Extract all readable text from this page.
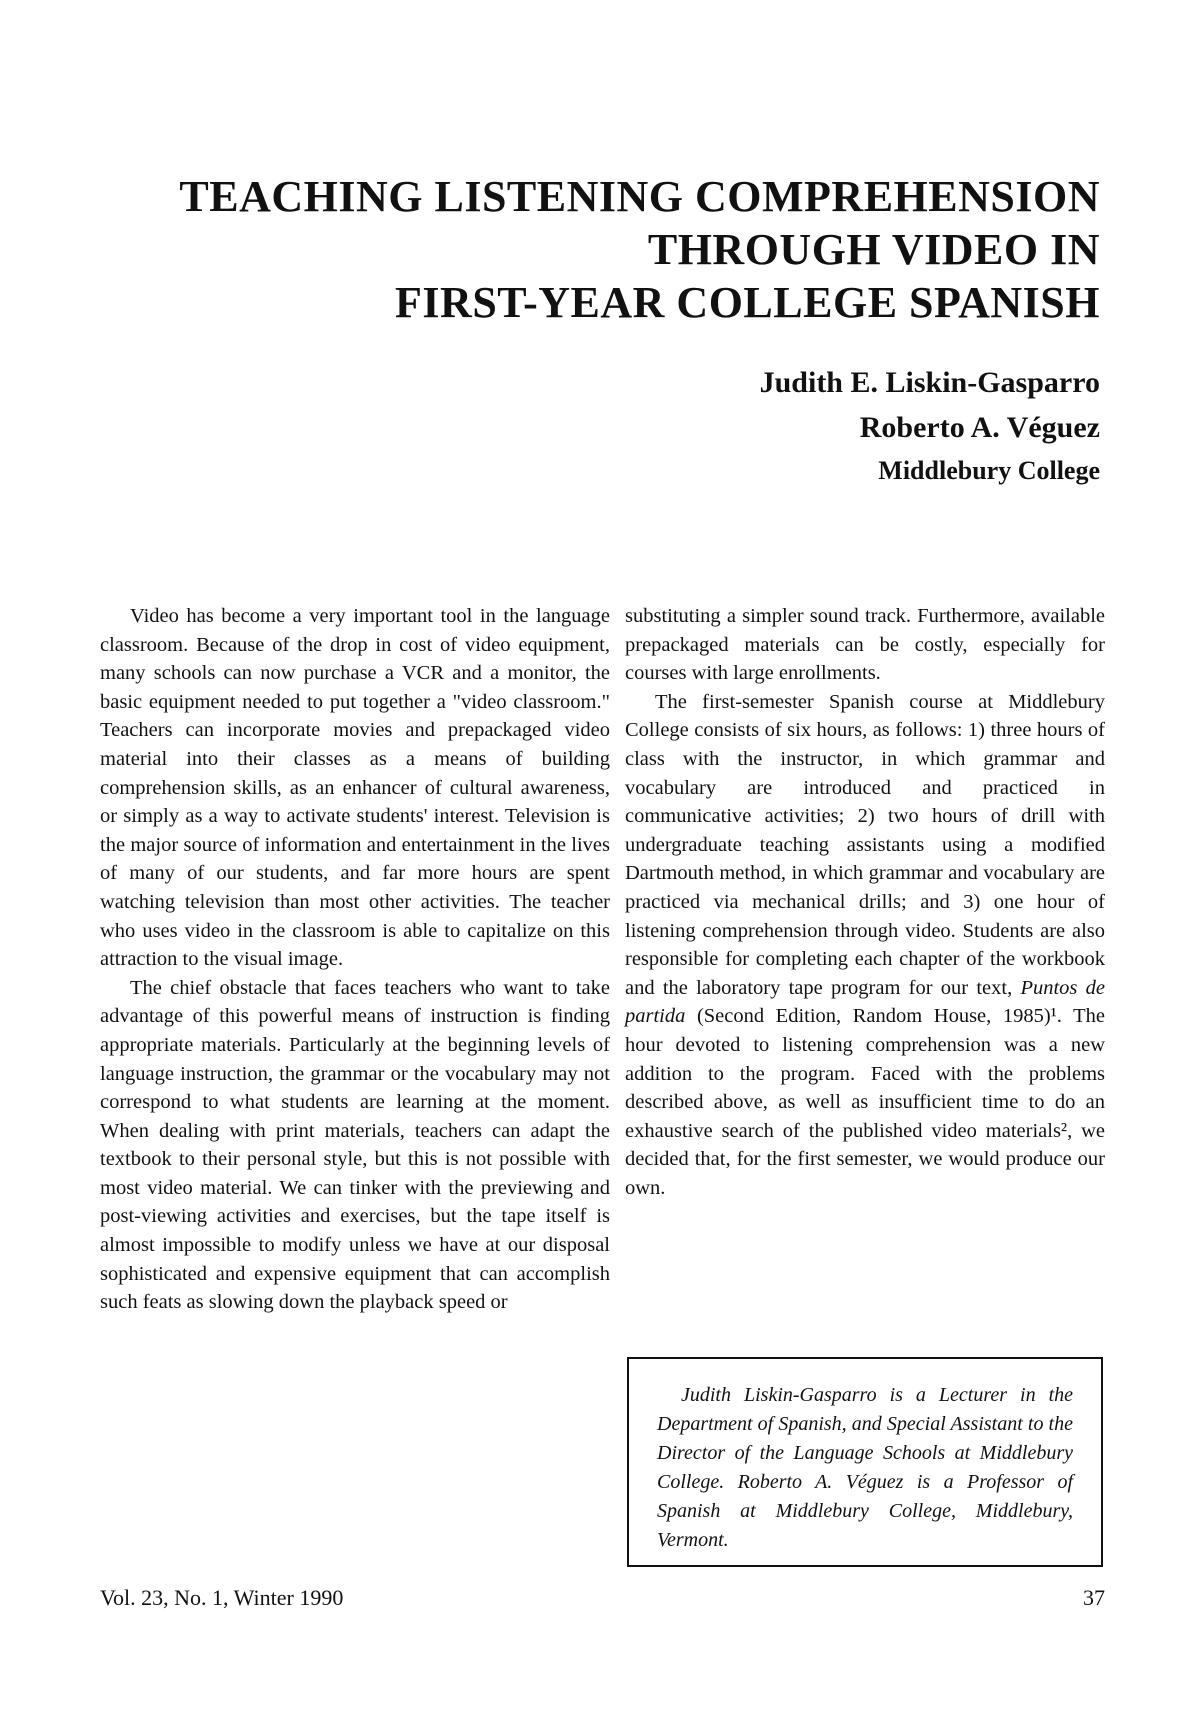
TEACHING LISTENING COMPREHENSION
THROUGH VIDEO IN
FIRST-YEAR COLLEGE SPANISH
Judith E. Liskin-Gasparro
Roberto A. Véguez
Middlebury College

Video has become a very important tool in the language classroom. Because of the drop in cost of video equipment, many schools can now purchase a VCR and a monitor, the basic equipment needed to put together a "video classroom." Teachers can incorporate movies and prepackaged video material into their classes as a means of building comprehension skills, as an enhancer of cultural awareness, or simply as a way to activate students' interest. Television is the major source of information and entertainment in the lives of many of our students, and far more hours are spent watching television than most other activities. The teacher who uses video in the classroom is able to capitalize on this attraction to the visual image.

The chief obstacle that faces teachers who want to take advantage of this powerful means of instruction is finding appropriate materials. Particularly at the beginning levels of language instruction, the grammar or the vocabulary may not correspond to what students are learning at the moment. When dealing with print materials, teachers can adapt the textbook to their personal style, but this is not possible with most video material. We can tinker with the previewing and post-viewing activities and exercises, but the tape itself is almost impossible to modify unless we have at our disposal sophisticated and expensive equipment that can accomplish such feats as slowing down the playback speed or

substituting a simpler sound track. Furthermore, available prepackaged materials can be costly, especially for courses with large enrollments.

The first-semester Spanish course at Middlebury College consists of six hours, as follows: 1) three hours of class with the instructor, in which grammar and vocabulary are introduced and practiced in communicative activities; 2) two hours of drill with undergraduate teaching assistants using a modified Dartmouth method, in which grammar and vocabulary are practiced via mechanical drills; and 3) one hour of listening comprehension through video. Students are also responsible for completing each chapter of the workbook and the laboratory tape program for our text, Puntos de partida (Second Edition, Random House, 1985)¹. The hour devoted to listening comprehension was a new addition to the program. Faced with the problems described above, as well as insufficient time to do an exhaustive search of the published video materials², we decided that, for the first semester, we would produce our own.

Judith Liskin-Gasparro is a Lecturer in the Department of Spanish, and Special Assistant to the Director of the Language Schools at Middlebury College. Roberto A. Véguez is a Professor of Spanish at Middlebury College, Middlebury, Vermont.

Vol. 23, No. 1, Winter 1990	37
